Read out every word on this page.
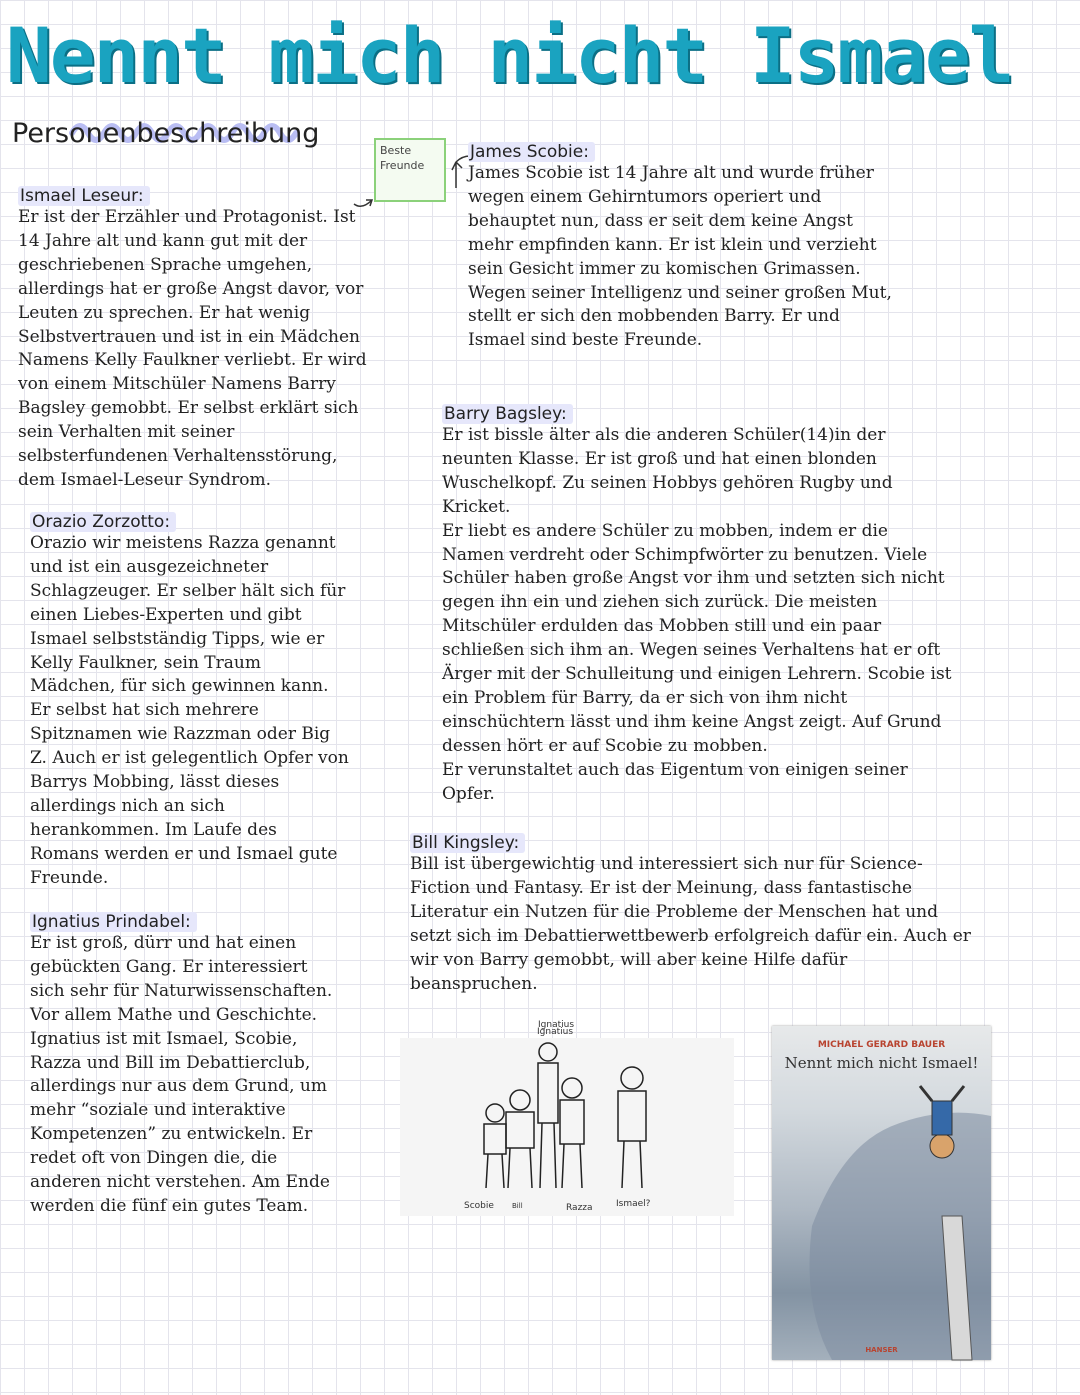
Nennt mich nicht Ismael
Personenbeschreibung
Beste
Freunde
Ismael Leseur:

Er ist der Erzähler und Protagonist. Ist
14 Jahre alt und kann gut mit der
geschriebenen Sprache umgehen,
allerdings hat er große Angst davor, vor
Leuten zu sprechen. Er hat wenig
Selbstvertrauen und ist in ein Mädchen
Namens Kelly Faulkner verliebt. Er wird
von einem Mitschüler Namens Barry
Bagsley gemobbt. Er selbst erklärt sich
sein Verhalten mit seiner
selbsterfundenen Verhaltensstörung,
dem Ismael-Leseur Syndrom.

James Scobie:

James Scobie ist 14 Jahre alt und wurde früher
wegen einem Gehirntumors operiert und
behauptet nun, dass er seit dem keine Angst
mehr empfinden kann. Er ist klein und verzieht
sein Gesicht immer zu komischen Grimassen.
Wegen seiner Intelligenz und seiner großen Mut,
stellt er sich den mobbenden Barry. Er und
Ismael sind beste Freunde.

Barry Bagsley:

Er ist bissle älter als die anderen Schüler(14)in der
neunten Klasse. Er ist groß und hat einen blonden
Wuschelkopf. Zu seinen Hobbys gehören Rugby und
Kricket.
Er liebt es andere Schüler zu mobben, indem er die
Namen verdreht oder Schimpfwörter zu benutzen. Viele
Schüler haben große Angst vor ihm und setzten sich nicht
gegen ihn ein und ziehen sich zurück. Die meisten
Mitschüler erdulden das Mobben still und ein paar
schließen sich ihm an. Wegen seines Verhaltens hat er oft
Ärger mit der Schulleitung und einigen Lehrern. Scobie ist
ein Problem für Barry, da er sich von ihm nicht
einschüchtern lässt und ihm keine Angst zeigt. Auf Grund
dessen hört er auf Scobie zu mobben.
Er verunstaltet auch das Eigentum von einigen seiner
Opfer.

Orazio Zorzotto:

Orazio wir meistens Razza genannt
und ist ein ausgezeichneter
Schlagzeuger. Er selber hält sich für
einen Liebes-Experten und gibt
Ismael selbstständig Tipps, wie er
Kelly Faulkner, sein Traum
Mädchen, für sich gewinnen kann.
Er selbst hat sich mehrere
Spitznamen wie Razzman oder Big
Z. Auch er ist gelegentlich Opfer von
Barrys Mobbing, lässt dieses
allerdings nich an sich
herankommen. Im Laufe des
Romans werden er und Ismael gute
Freunde.

Bill Kingsley:

Bill ist übergewichtig und interessiert sich nur für Science-
Fiction und Fantasy. Er ist der Meinung, dass fantastische
Literatur ein Nutzen für die Probleme der Menschen hat und
setzt sich im Debattierwettbewerb erfolgreich dafür ein. Auch er
wir von Barry gemobbt, will aber keine Hilfe dafür
beanspruchen.

Ignatius Prindabel:

Er ist groß, dürr und hat einen
gebückten Gang. Er interessiert
sich sehr für Naturwissenschaften.
Vor allem Mathe und Geschichte.
Ignatius ist mit Ismael, Scobie,
Razza und Bill im Debattierclub,
allerdings nur aus dem Grund, um
mehr “soziale und interaktive
Kompetenzen” zu entwickeln. Er
redet oft von Dingen die, die
anderen nicht verstehen. Am Ende
werden die fünf ein gutes Team.

Ignatius
Scobie	Bill	Razza	Ismael?
Ignatius
MICHAEL GERARD BAUER
Nennt mich nicht Ismael!
HANSER
